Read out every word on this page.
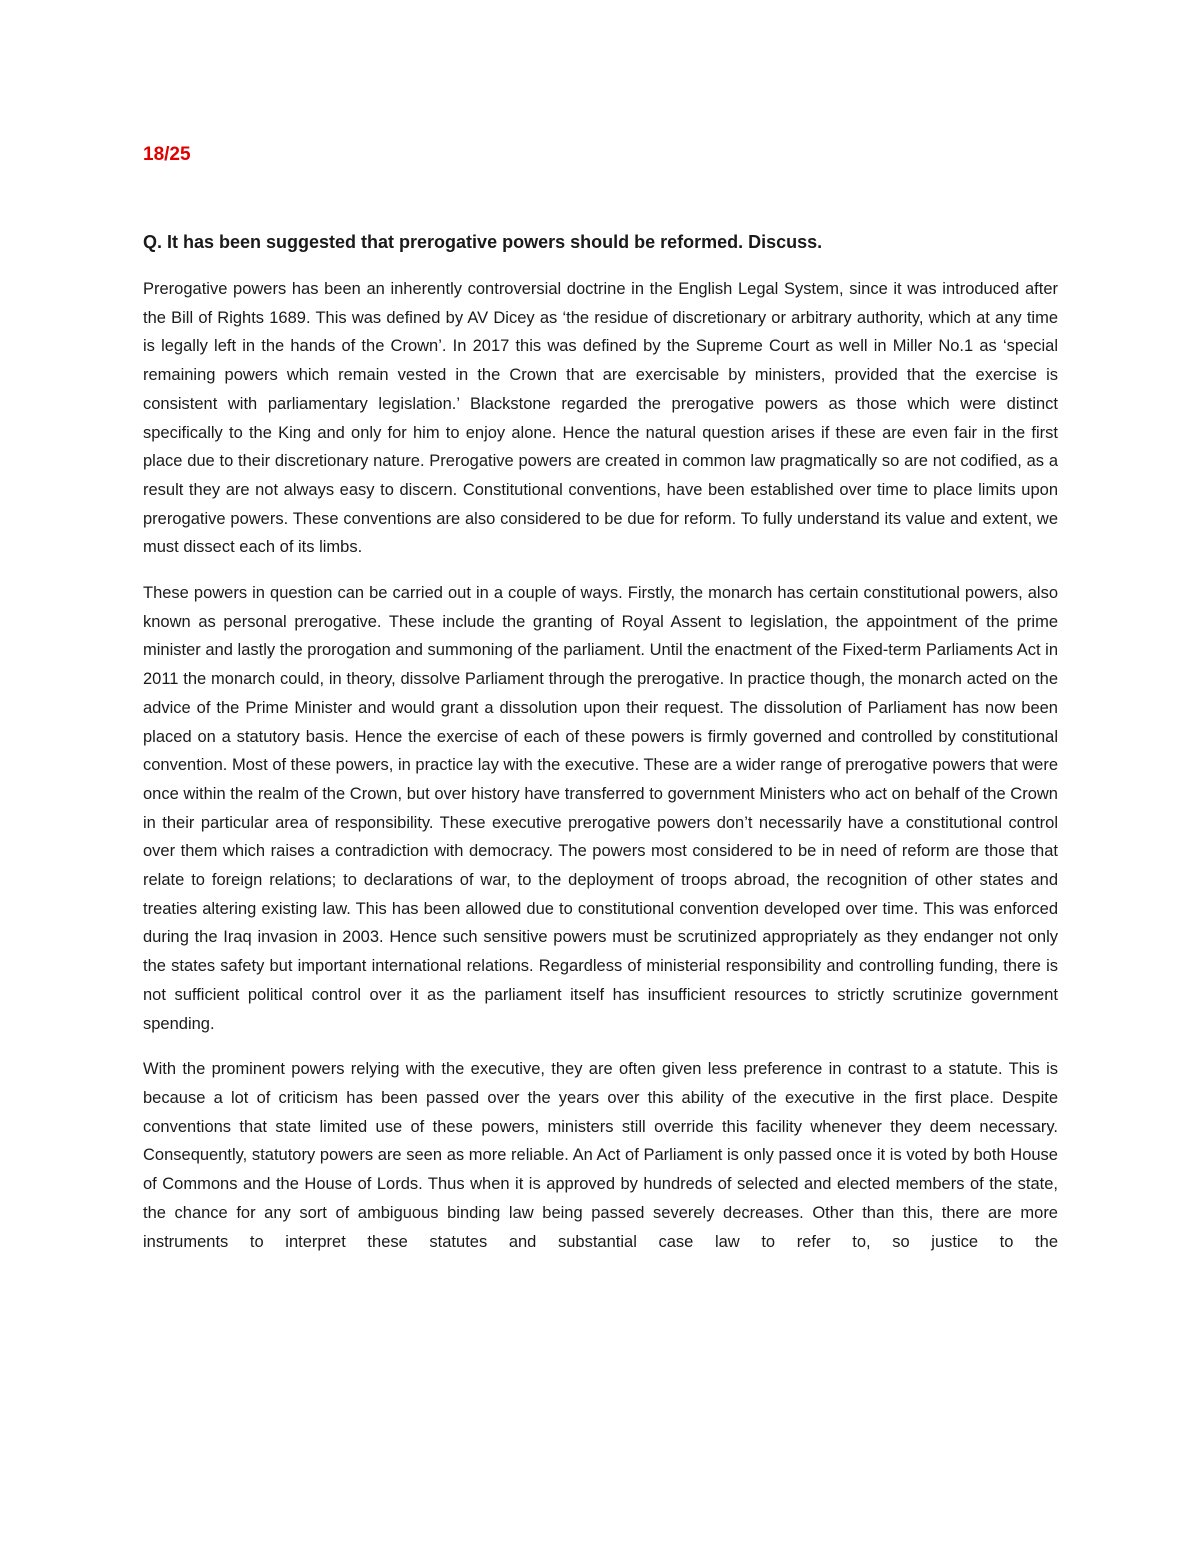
18/25
Q. It has been suggested that prerogative powers should be reformed. Discuss.

Prerogative powers has been an inherently controversial doctrine in the English Legal System, since it was introduced after the Bill of Rights 1689. This was defined by AV Dicey as ‘the residue of discretionary or arbitrary authority, which at any time is legally left in the hands of the Crown’. In 2017 this was defined by the Supreme Court as well in Miller No.1 as ‘special remaining powers which remain vested in the Crown that are exercisable by ministers, provided that the exercise is consistent with parliamentary legislation.’ Blackstone regarded the prerogative powers as those which were distinct specifically to the King and only for him to enjoy alone. Hence the natural question arises if these are even fair in the first place due to their discretionary nature. Prerogative powers are created in common law pragmatically so are not codified, as a result they are not always easy to discern. Constitutional conventions, have been established over time to place limits upon prerogative powers. These conventions are also considered to be due for reform. To fully understand its value and extent, we must dissect each of its limbs.

These powers in question can be carried out in a couple of ways. Firstly, the monarch has certain constitutional powers, also known as personal prerogative. These include the granting of Royal Assent to legislation, the appointment of the prime minister and lastly the prorogation and summoning of the parliament. Until the enactment of the Fixed-term Parliaments Act in 2011 the monarch could, in theory, dissolve Parliament through the prerogative. In practice though, the monarch acted on the advice of the Prime Minister and would grant a dissolution upon their request. The dissolution of Parliament has now been placed on a statutory basis. Hence the exercise of each of these powers is firmly governed and controlled by constitutional convention. Most of these powers, in practice lay with the executive. These are a wider range of prerogative powers that were once within the realm of the Crown, but over history have transferred to government Ministers who act on behalf of the Crown in their particular area of responsibility. These executive prerogative powers don’t necessarily have a constitutional control over them which raises a contradiction with democracy. The powers most considered to be in need of reform are those that relate to foreign relations; to declarations of war, to the deployment of troops abroad, the recognition of other states and treaties altering existing law. This has been allowed due to constitutional convention developed over time. This was enforced during the Iraq invasion in 2003. Hence such sensitive powers must be scrutinized appropriately as they endanger not only the states safety but important international relations. Regardless of ministerial responsibility and controlling funding, there is not sufficient political control over it as the parliament itself has insufficient resources to strictly scrutinize government spending.

With the prominent powers relying with the executive, they are often given less preference in contrast to a statute. This is because a lot of criticism has been passed over the years over this ability of the executive in the first place. Despite conventions that state limited use of these powers, ministers still override this facility whenever they deem necessary. Consequently, statutory powers are seen as more reliable. An Act of Parliament is only passed once it is voted by both House of Commons and the House of Lords. Thus when it is approved by hundreds of selected and elected members of the state, the chance for any sort of ambiguous binding law being passed severely decreases. Other than this, there are more instruments to interpret these statutes and substantial case law to refer to, so justice to the
